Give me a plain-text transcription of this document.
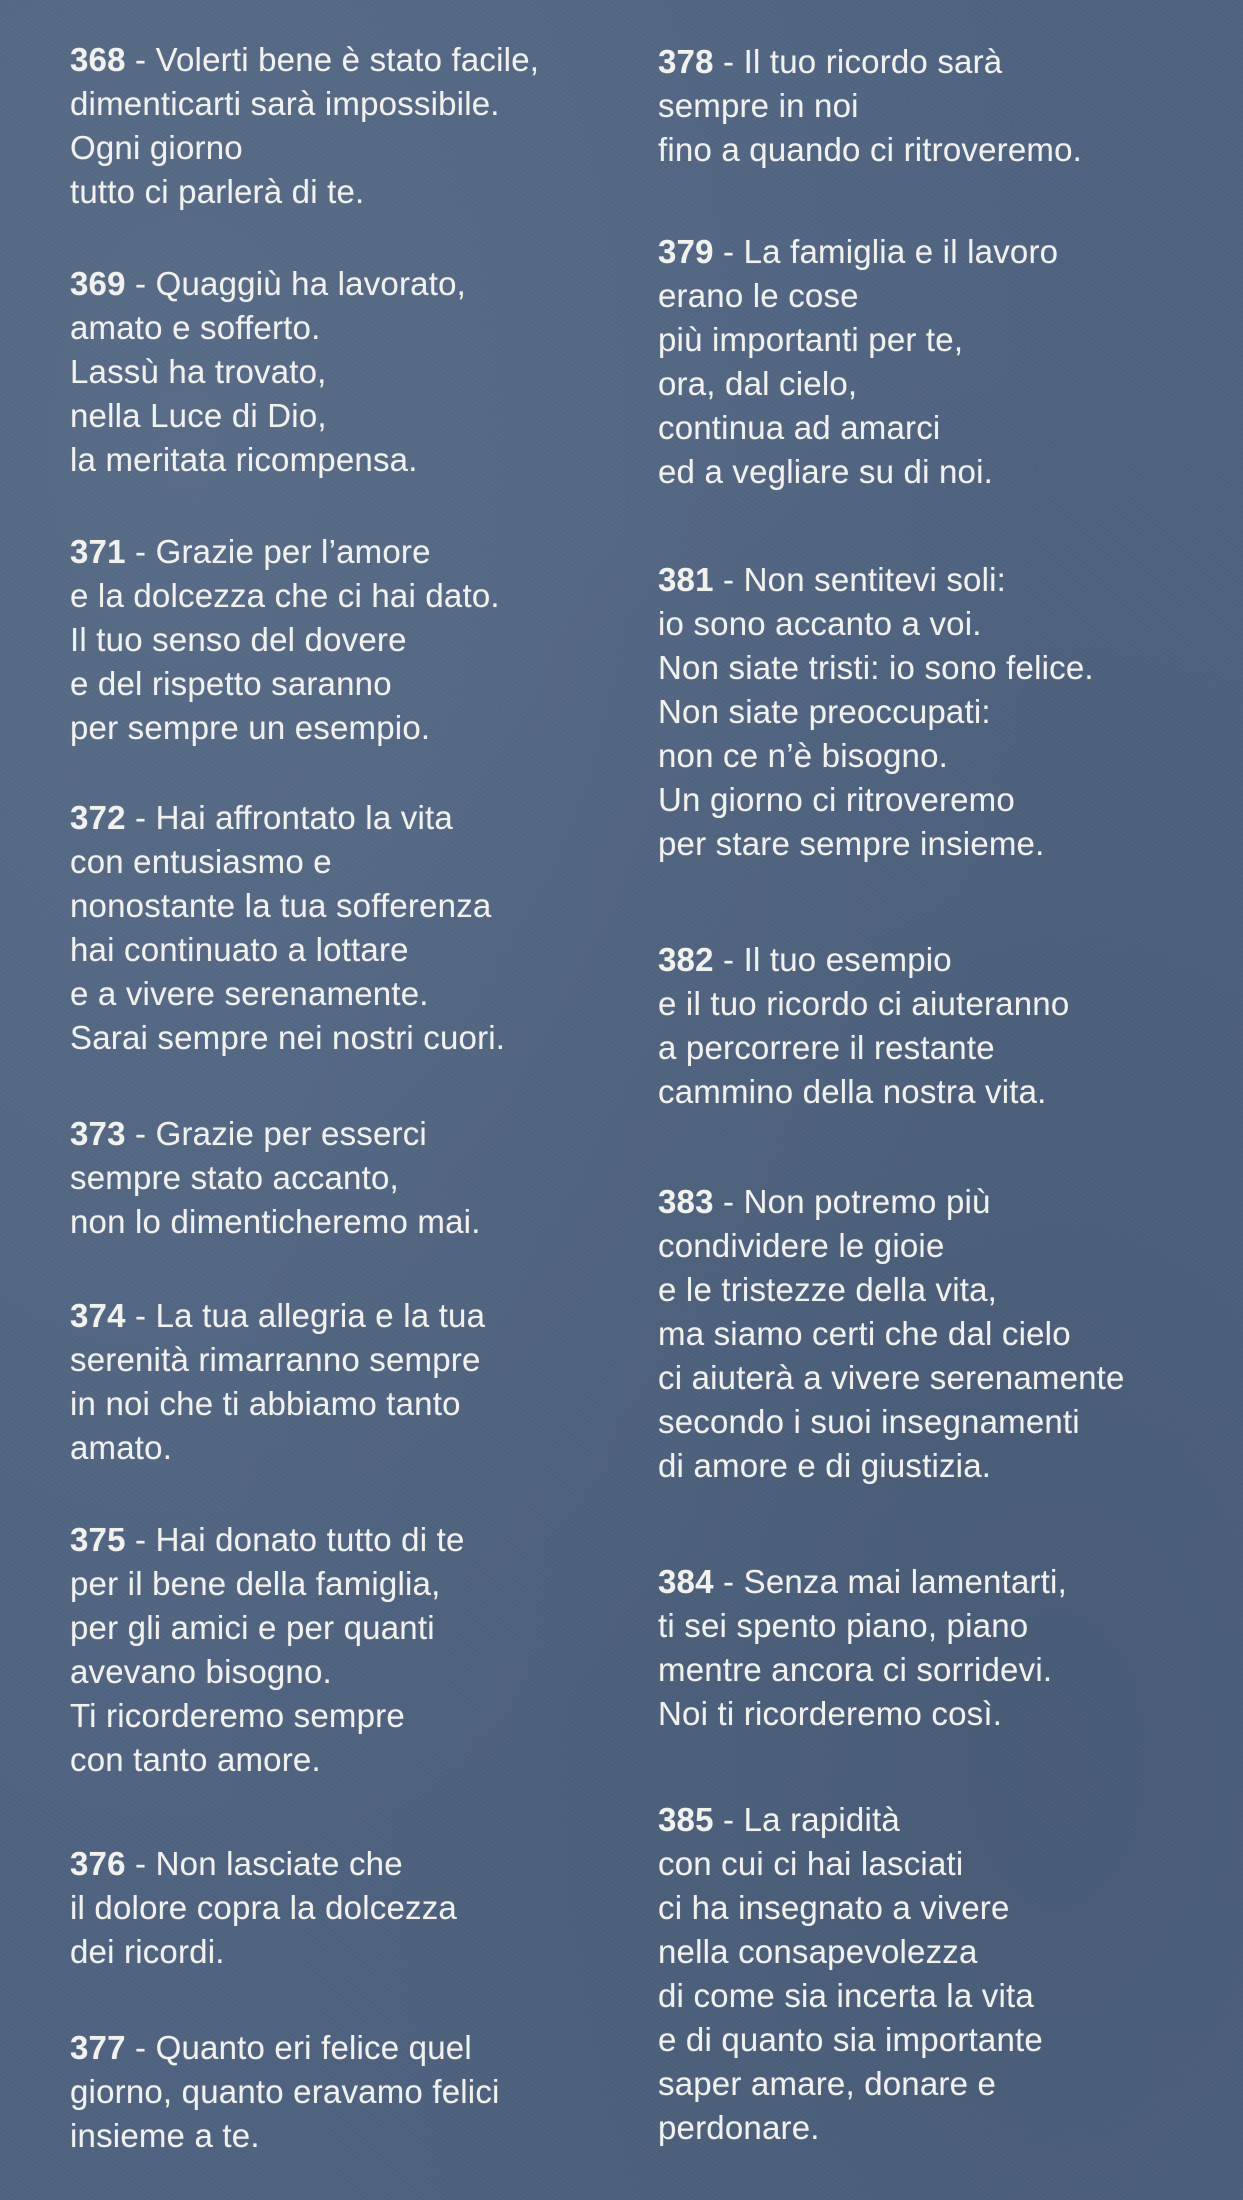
368 - Volerti bene è stato facile,
dimenticarti sarà impossibile.
Ogni giorno
tutto ci parlerà di te.
369 - Quaggiù ha lavorato,
amato e sofferto.
Lassù ha trovato,
nella Luce di Dio,
la meritata ricompensa.
371 - Grazie per l’amore
e la dolcezza che ci hai dato.
Il tuo senso del dovere
e del rispetto saranno
per sempre un esempio.
372 - Hai affrontato la vita
con entusiasmo e
nonostante la tua sofferenza
hai continuato a lottare
e a vivere serenamente.
Sarai sempre nei nostri cuori.
373 - Grazie per esserci
sempre stato accanto,
non lo dimenticheremo mai.
374 - La tua allegria e la tua
serenità rimarranno sempre
in noi che ti abbiamo tanto
amato.
375 - Hai donato tutto di te
per il bene della famiglia,
per gli amici e per quanti
avevano bisogno.
Ti ricorderemo sempre
con tanto amore.
376 - Non lasciate che
il dolore copra la dolcezza
dei ricordi.
377 - Quanto eri felice quel
giorno, quanto eravamo felici
insieme a te.
378 - Il tuo ricordo sarà
sempre in noi
fino a quando ci ritroveremo.
379 - La famiglia e il lavoro
erano le cose
più importanti per te,
ora, dal cielo,
continua ad amarci
ed a vegliare su di noi.
381 - Non sentitevi soli:
io sono accanto a voi.
Non siate tristi: io sono felice.
Non siate preoccupati:
non ce n’è bisogno.
Un giorno ci ritroveremo
per stare sempre insieme.
382 - Il tuo esempio
e il tuo ricordo ci aiuteranno
a percorrere il restante
cammino della nostra vita.
383 - Non potremo più
condividere le gioie
e le tristezze della vita,
ma siamo certi che dal cielo
ci aiuterà a vivere serenamente
secondo i suoi insegnamenti
di amore e di giustizia.
384 - Senza mai lamentarti,
ti sei spento piano, piano
mentre ancora ci sorridevi.
Noi ti ricorderemo così.
385 - La rapidità
con cui ci hai lasciati
ci ha insegnato a vivere
nella consapevolezza
di come sia incerta la vita
e di quanto sia importante
saper amare, donare e
perdonare.
